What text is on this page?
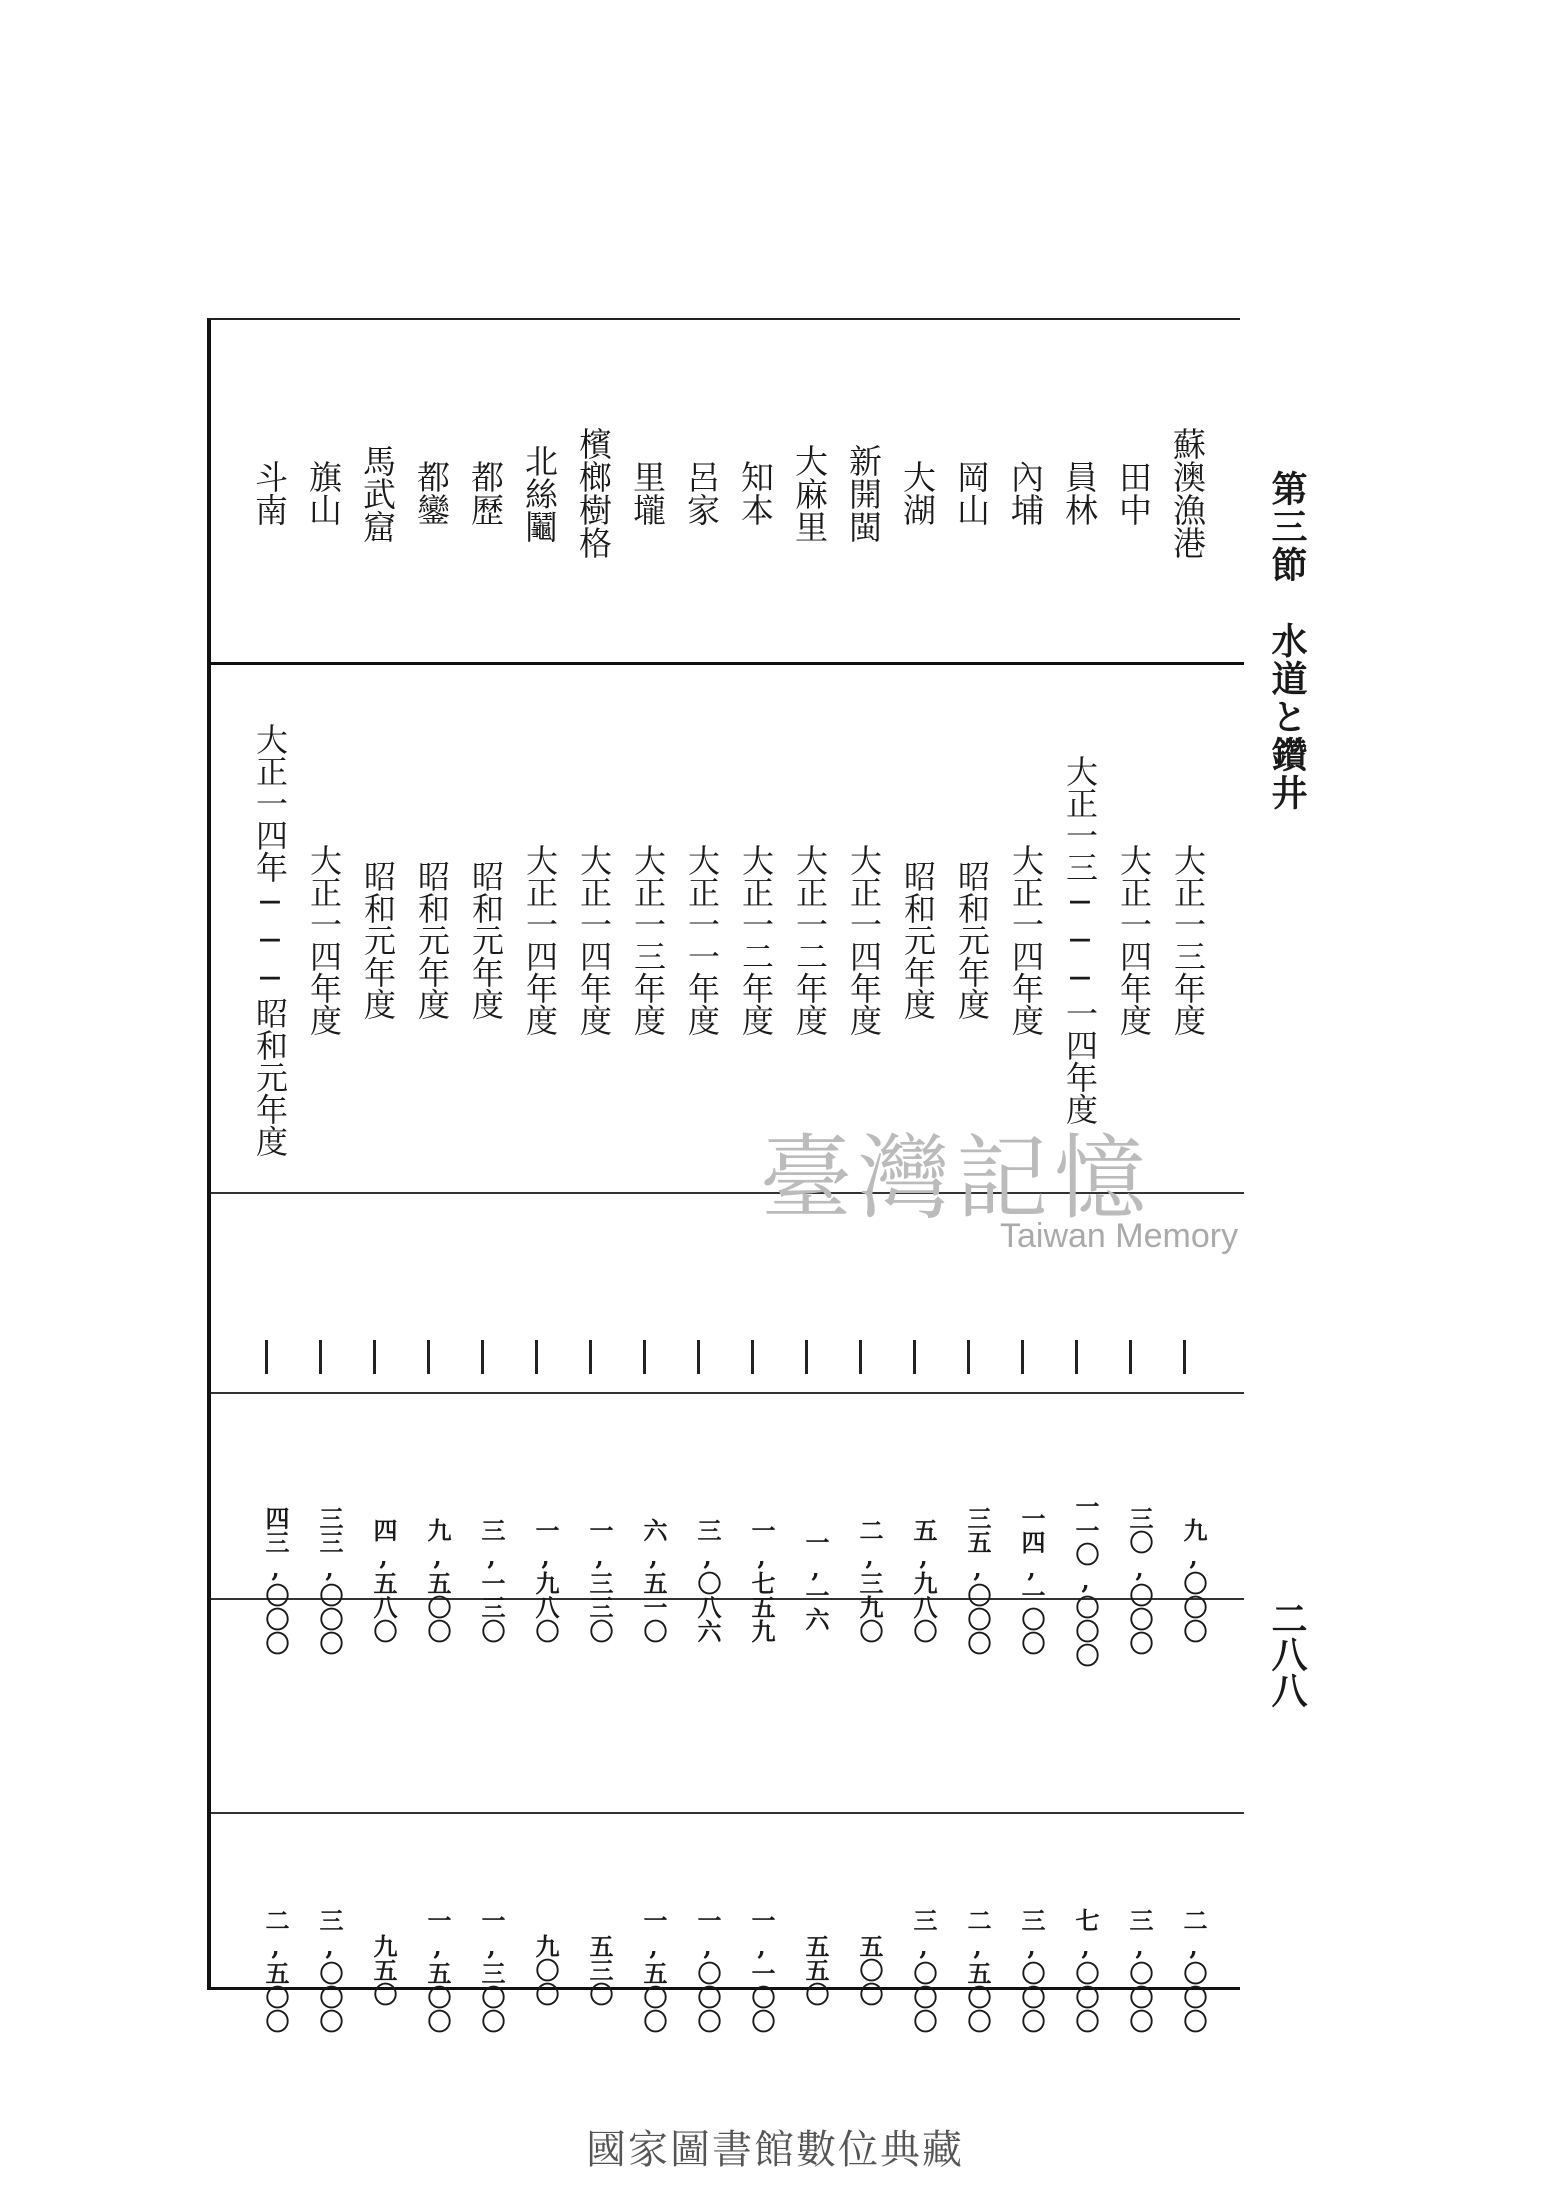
第三節　水道と鑽井
二八八
蘇澳漁港
大正一三年度
九,〇〇〇
二,〇〇〇
田中
大正一四年度
三〇,〇〇〇
三,〇〇〇
員林
大正一三───一四年度
一一〇,〇〇〇
七,〇〇〇
內埔
大正一四年度
一四,一〇〇
三,〇〇〇
岡山
昭和元年度
三五,〇〇〇
二,五〇〇
大湖
昭和元年度
五,九八〇
三,〇〇〇
新開閩
大正一四年度
二,三九〇
五〇〇
大麻里
大正一二年度
一,一六
五五〇
知本
大正一二年度
一,七五九
一,一〇〇
呂家
大正一一年度
三,〇八六
一,〇〇〇
里壠
大正一三年度
六,五一〇
一,五〇〇
檳榔樹格
大正一四年度
一,三三〇
五三〇
北絲鬮
大正一四年度
一,九八〇
九〇〇
都歷
昭和元年度
三,一三〇
一,三〇〇
都鑾
昭和元年度
九,五〇〇
一,五〇〇
馬武窟
昭和元年度
四,五八〇
九五〇
旗山
大正一四年度
三三,〇〇〇
三,〇〇〇
斗南
大正一四年───昭和元年度
四三,〇〇〇
二,五〇〇
臺灣記憶
Taiwan Memory
國家圖書館數位典藏
